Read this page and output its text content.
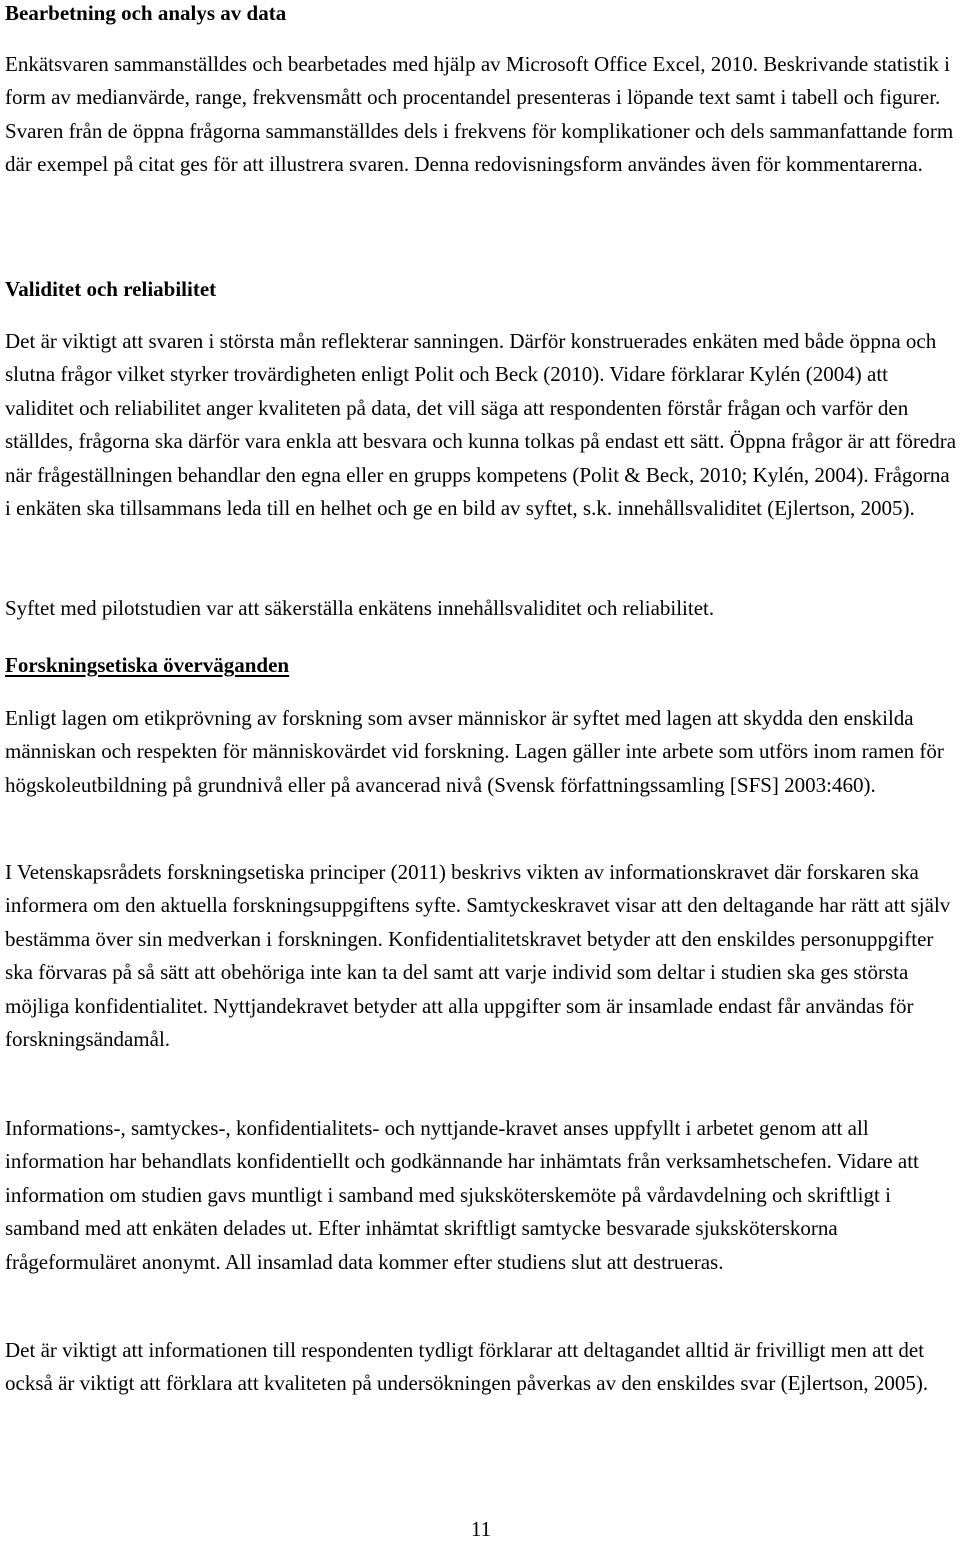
Bearbetning och analys av data

Enkätsvaren sammanställdes och bearbetades med hjälp av Microsoft Office Excel, 2010. Beskrivande statistik i form av medianvärde, range, frekvensmått och procentandel presenteras i löpande text samt i tabell och figurer. Svaren från de öppna frågorna sammanställdes dels i frekvens för komplikationer och dels sammanfattande form där exempel på citat ges för att illustrera svaren. Denna redovisningsform användes även för kommentarerna.

Validitet och reliabilitet

Det är viktigt att svaren i största mån reflekterar sanningen. Därför konstruerades enkäten med både öppna och slutna frågor vilket styrker trovärdigheten enligt Polit och Beck (2010). Vidare förklarar Kylén (2004) att validitet och reliabilitet anger kvaliteten på data, det vill säga att respondenten förstår frågan och varför den ställdes, frågorna ska därför vara enkla att besvara och kunna tolkas på endast ett sätt. Öppna frågor är att föredra när frågeställningen behandlar den egna eller en grupps kompetens (Polit & Beck, 2010; Kylén, 2004). Frågorna i enkäten ska tillsammans leda till en helhet och ge en bild av syftet, s.k. innehållsvaliditet (Ejlertson, 2005).

Syftet med pilotstudien var att säkerställa enkätens innehållsvaliditet och reliabilitet.

Forskningsetiska överväganden

Enligt lagen om etikprövning av forskning som avser människor är syftet med lagen att skydda den enskilda människan och respekten för människovärdet vid forskning. Lagen gäller inte arbete som utförs inom ramen för högskoleutbildning på grundnivå eller på avancerad nivå (Svensk författningssamling [SFS] 2003:460).

I Vetenskapsrådets forskningsetiska principer (2011) beskrivs vikten av informationskravet där forskaren ska informera om den aktuella forskningsuppgiftens syfte. Samtyckeskravet visar att den deltagande har rätt att själv bestämma över sin medverkan i forskningen. Konfidentialitetskravet betyder att den enskildes personuppgifter ska förvaras på så sätt att obehöriga inte kan ta del samt att varje individ som deltar i studien ska ges största möjliga konfidentialitet. Nyttjandekravet betyder att alla uppgifter som är insamlade endast får användas för forskningsändamål.

Informations-, samtyckes-, konfidentialitets- och nyttjande-kravet anses uppfyllt i arbetet genom att all information har behandlats konfidentiellt och godkännande har inhämtats från verksamhetschefen. Vidare att information om studien gavs muntligt i samband med sjuksköterskemöte på vårdavdelning och skriftligt i samband med att enkäten delades ut. Efter inhämtat skriftligt samtycke besvarade sjuksköterskorna frågeformuläret anonymt. All insamlad data kommer efter studiens slut att destrueras.

Det är viktigt att informationen till respondenten tydligt förklarar att deltagandet alltid är frivilligt men att det också är viktigt att förklara att kvaliteten på undersökningen påverkas av den enskildes svar (Ejlertson, 2005).

11
